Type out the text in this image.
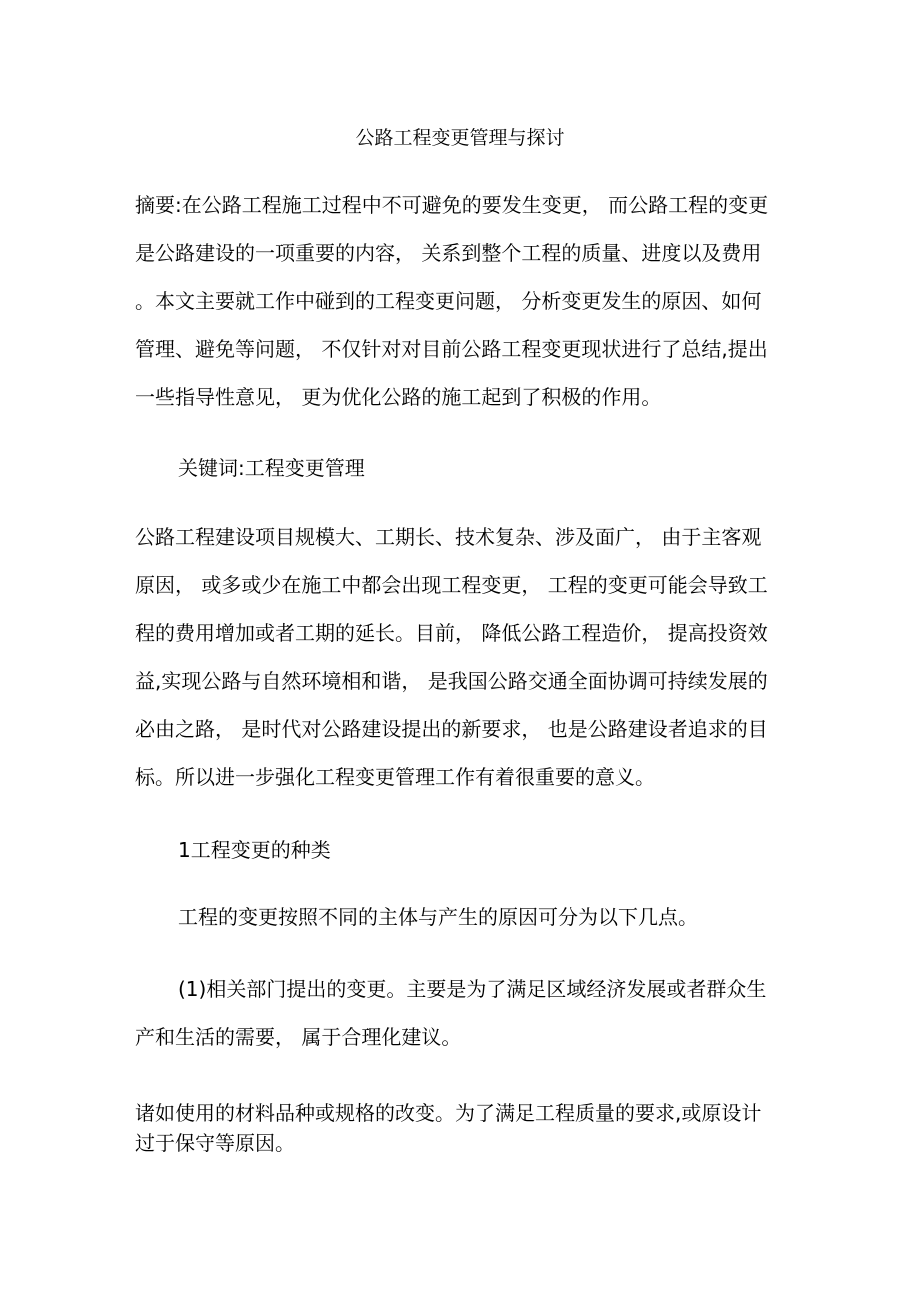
公路工程变更管理与探讨

摘要:在公路工程施工过程中不可避免的要发生变更， 而公路工程的变更

是公路建设的一项重要的内容， 关系到整个工程的质量、进度以及费用

。本文主要就工作中碰到的工程变更问题， 分析变更发生的原因、如何

管理、避免等问题， 不仅针对对目前公路工程变更现状进行了总结,提出

一些指导性意见， 更为优化公路的施工起到了积极的作用。

关键词:工程变更管理

公路工程建设项目规模大、工期长、技术复杂、涉及面广， 由于主客观

原因， 或多或少在施工中都会出现工程变更， 工程的变更可能会导致工

程的费用增加或者工期的延长。目前， 降低公路工程造价， 提高投资效

益,实现公路与自然环境相和谐， 是我国公路交通全面协调可持续发展的

必由之路， 是时代对公路建设提出的新要求， 也是公路建设者追求的目

标。所以进一步强化工程变更管理工作有着很重要的意义。

1工程变更的种类

工程的变更按照不同的主体与产生的原因可分为以下几点。

(1)相关部门提出的变更。主要是为了满足区域经济发展或者群众生

产和生活的需要， 属于合理化建议。

诸如使用的材料品种或规格的改变。为了满足工程质量的要求,或原设计

过于保守等原因。
